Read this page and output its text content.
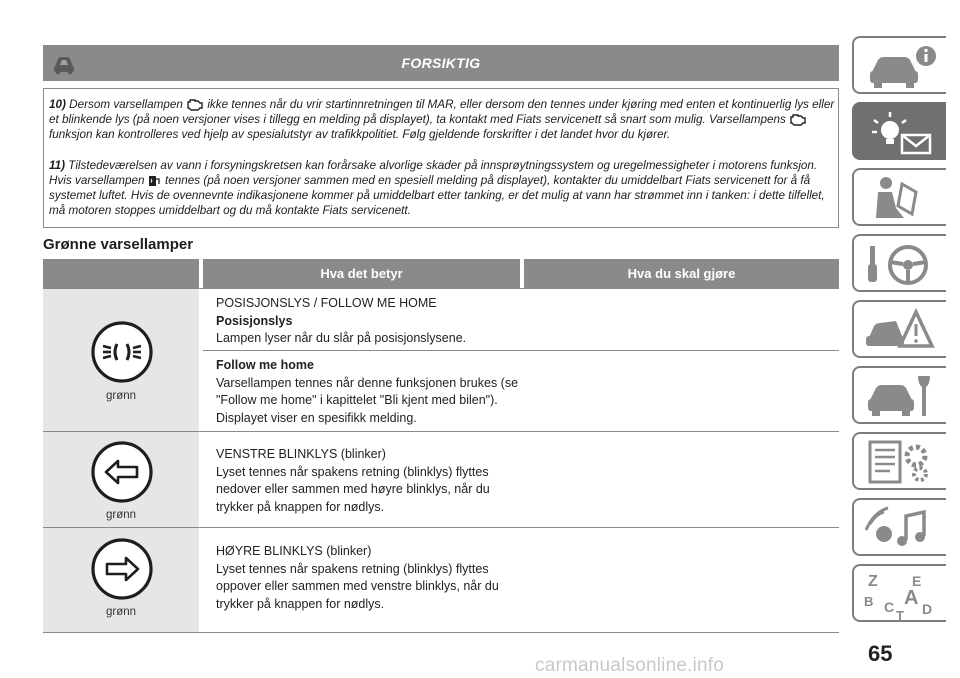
FORSIKTIG

10) Dersom varsellampen ikke tennes når du vrir startinnretningen til MAR, eller dersom den tennes under kjøring med enten et kontinuerlig lys eller et blinkende lys (på noen versjoner vises i tillegg en melding på displayet), ta kontakt med Fiats servicenett så snart som mulig. Varsellampens  funksjon kan kontrolleres ved hjelp av spesialutstyr av trafikkpolitiet. Følg gjeldende forskrifter i det landet hvor du kjører.

11) Tilstedeværelsen av vann i forsyningskretsen kan forårsake alvorlige skader på innsprøytningssystem og uregelmessigheter i motorens funksjon. Hvis varsellampen tennes (på noen versjoner sammen med en spesiell melding på displayet), kontakter du umiddelbart Fiats servicenett for å få systemet luftet. Hvis de ovennevnte indikasjonene kommer på umiddelbart etter tanking, er det mulig at vann har strømmet inn i tanken: i dette tilfellet, må motoren stoppes umiddelbart og du må kontakte Fiats servicenett.

Grønne varsellamper
Hva det betyr	Hva du skal gjøre
grønn
POSISJONSLYS / FOLLOW ME HOME
Posisjonslys
Lampen lyser når du slår på posisjonslysene.
Follow me home
Varsellampen tennes når denne funksjonen brukes (se
"Follow me home" i kapittelet "Bli kjent med bilen").
Displayet viser en spesifikk melding.
grønn
VENSTRE BLINKLYS (blinker)
Lyset tennes når spakens retning (blinklys) flyttes
nedover eller sammen med høyre blinklys, når du
trykker på knappen for nødlys.
grønn
HØYRE BLINKLYS (blinker)
Lyset tennes når spakens retning (blinklys) flyttes
oppover eller sammen med venstre blinklys, når du
trykker på knappen for nødlys.
Z E
B A
C D
T
65
carmanualsonline.info
